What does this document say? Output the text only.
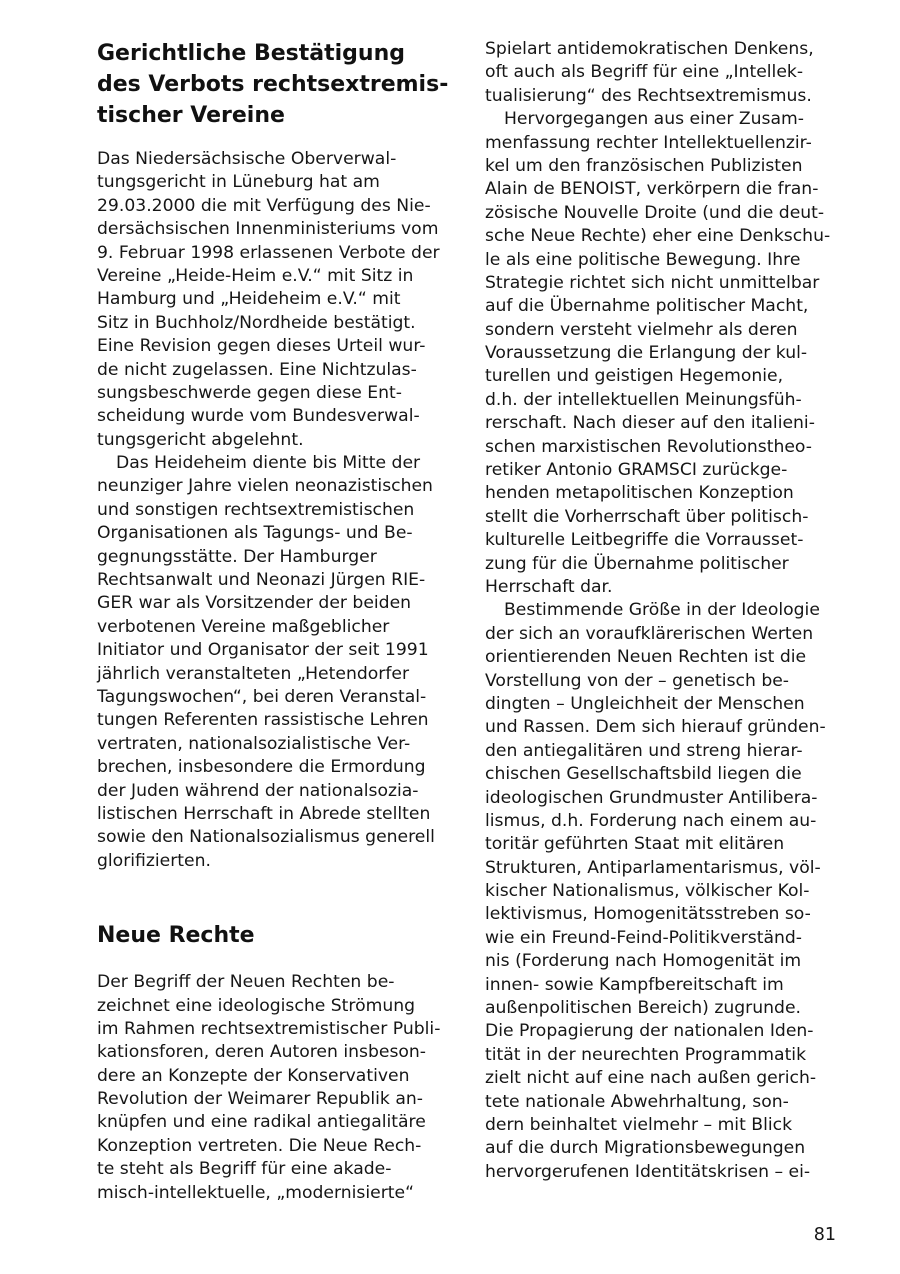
Gerichtliche Bestätigung
des Verbots rechtsextremis-
tischer Vereine
Das Niedersächsische Oberverwal-
tungsgericht in Lüneburg hat am
29.03.2000 die mit Verfügung des Nie-
dersächsischen Innenministeriums vom
9. Februar 1998 erlassenen Verbote der
Vereine „Heide-Heim e.V.“ mit Sitz in
Hamburg und „Heideheim e.V.“ mit
Sitz in Buchholz/Nordheide bestätigt.
Eine Revision gegen dieses Urteil wur-
de nicht zugelassen. Eine Nichtzulas-
sungsbeschwerde gegen diese Ent-
scheidung wurde vom Bundesverwal-
tungsgericht abgelehnt.
Das Heideheim diente bis Mitte der
neunziger Jahre vielen neonazistischen
und sonstigen rechtsextremistischen
Organisationen als Tagungs- und Be-
gegnungsstätte. Der Hamburger
Rechtsanwalt und Neonazi Jürgen RIE-
GER war als Vorsitzender der beiden
verbotenen Vereine maßgeblicher
Initiator und Organisator der seit 1991
jährlich veranstalteten „Hetendorfer
Tagungswochen“, bei deren Veranstal-
tungen Referenten rassistische Lehren
vertraten, nationalsozialistische Ver-
brechen, insbesondere die Ermordung
der Juden während der nationalsozia-
listischen Herrschaft in Abrede stellten
sowie den Nationalsozialismus generell
glorifizierten.
Neue Rechte
Der Begriff der Neuen Rechten be-
zeichnet eine ideologische Strömung
im Rahmen rechtsextremistischer Publi-
kationsforen, deren Autoren insbeson-
dere an Konzepte der Konservativen
Revolution der Weimarer Republik an-
knüpfen und eine radikal antiegalitäre
Konzeption vertreten. Die Neue Rech-
te steht als Begriff für eine akade-
misch-intellektuelle, „modernisierte“
Spielart antidemokratischen Denkens,
oft auch als Begriff für eine „Intellek-
tualisierung“ des Rechtsextremismus.
Hervorgegangen aus einer Zusam-
menfassung rechter Intellektuellenzir-
kel um den französischen Publizisten
Alain de BENOIST, verkörpern die fran-
zösische Nouvelle Droite (und die deut-
sche Neue Rechte) eher eine Denkschu-
le als eine politische Bewegung. Ihre
Strategie richtet sich nicht unmittelbar
auf die Übernahme politischer Macht,
sondern versteht vielmehr als deren
Voraussetzung die Erlangung der kul-
turellen und geistigen Hegemonie,
d.h. der intellektuellen Meinungsfüh-
rerschaft. Nach dieser auf den italieni-
schen marxistischen Revolutionstheo-
retiker Antonio GRAMSCI zurückge-
henden metapolitischen Konzeption
stellt die Vorherrschaft über politisch-
kulturelle Leitbegriffe die Vorrausset-
zung für die Übernahme politischer
Herrschaft dar.
Bestimmende Größe in der Ideologie
der sich an voraufklärerischen Werten
orientierenden Neuen Rechten ist die
Vorstellung von der – genetisch be-
dingten – Ungleichheit der Menschen
und Rassen. Dem sich hierauf gründen-
den antiegalitären und streng hierar-
chischen Gesellschaftsbild liegen die
ideologischen Grundmuster Antilibera-
lismus, d.h. Forderung nach einem au-
toritär geführten Staat mit elitären
Strukturen, Antiparlamentarismus, völ-
kischer Nationalismus, völkischer Kol-
lektivismus, Homogenitätsstreben so-
wie ein Freund-Feind-Politikverständ-
nis (Forderung nach Homogenität im
innen- sowie Kampfbereitschaft im
außenpolitischen Bereich) zugrunde.
Die Propagierung der nationalen Iden-
tität in der neurechten Programmatik
zielt nicht auf eine nach außen gerich-
tete nationale Abwehrhaltung, son-
dern beinhaltet vielmehr – mit Blick
auf die durch Migrationsbewegungen
hervorgerufenen Identitätskrisen – ei-
81
